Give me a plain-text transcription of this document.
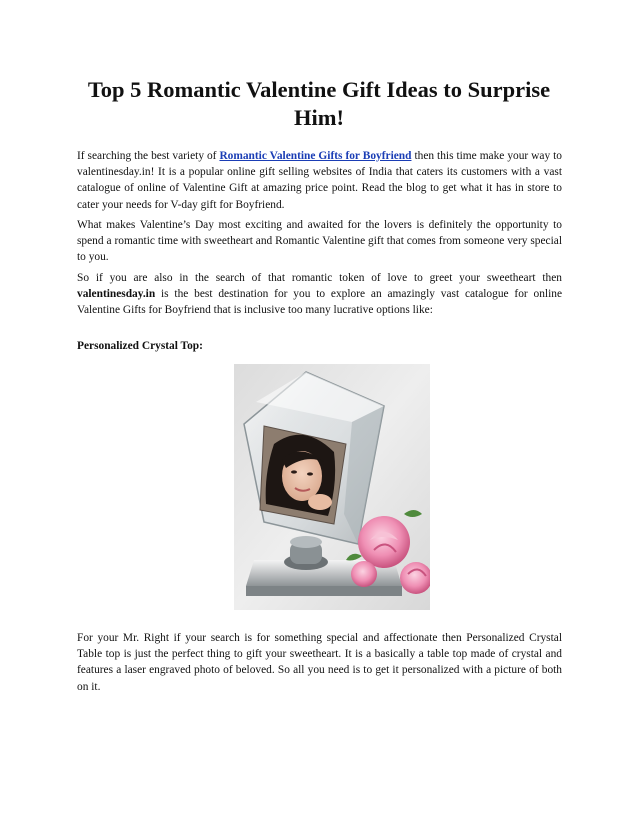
Top 5 Romantic Valentine Gift Ideas to Surprise Him!

If searching the best variety of Romantic Valentine Gifts for Boyfriend then this time make your way to valentinesday.in! It is a popular online gift selling websites of India that caters its customers with a vast catalogue of online of Valentine Gift at amazing price point. Read the blog to get what it has in store to cater your needs for V-day gift for Boyfriend.

What makes Valentine’s Day most exciting and awaited for the lovers is definitely the opportunity to spend a romantic time with sweetheart and Romantic Valentine gift that comes from someone very special to you.

So if you are also in the search of that romantic token of love to greet your sweetheart then valentinesday.in is the best destination for you to explore an amazingly vast catalogue for online Valentine Gifts for Boyfriend that is inclusive too many lucrative options like:

Personalized Crystal Top:

For your Mr. Right if your search is for something special and affectionate then Personalized Crystal Table top is just the perfect thing to gift your sweetheart. It is a basically a table top made of crystal and features a laser engraved photo of beloved. So all you need is to get it personalized with a picture of both on it.
